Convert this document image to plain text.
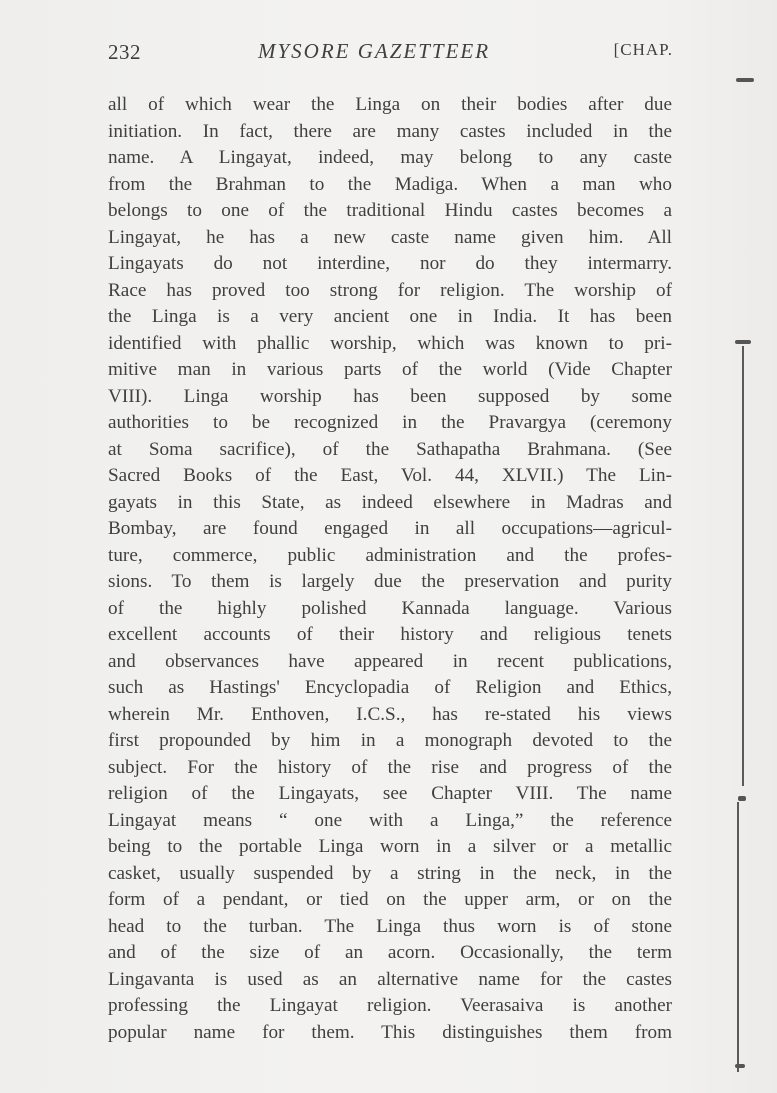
232	MYSORE GAZETTEER	[CHAP.
all of which wear the Linga on their bodies after due
initiation. In fact, there are many castes included in the
name. A Lingayat, indeed, may belong to any caste
from the Brahman to the Madiga. When a man who
belongs to one of the traditional Hindu castes becomes a
Lingayat, he has a new caste name given him. All
Lingayats do not interdine, nor do they intermarry.
Race has proved too strong for religion. The worship of
the Linga is a very ancient one in India. It has been
identified with phallic worship, which was known to pri-
mitive man in various parts of the world (Vide Chapter
VIII). Linga worship has been supposed by some
authorities to be recognized in the Pravargya (ceremony
at Soma sacrifice), of the Sathapatha Brahmana. (See
Sacred Books of the East, Vol. 44, XLVII.) The Lin-
gayats in this State, as indeed elsewhere in Madras and
Bombay, are found engaged in all occupations—agricul-
ture, commerce, public administration and the profes-
sions. To them is largely due the preservation and purity
of the highly polished Kannada language. Various
excellent accounts of their history and religious tenets
and observances have appeared in recent publications,
such as Hastings' Encyclopadia of Religion and Ethics,
wherein Mr. Enthoven, I.C.S., has re-stated his views
first propounded by him in a monograph devoted to the
subject. For the history of the rise and progress of the
religion of the Lingayats, see Chapter VIII. The name
Lingayat means “ one with a Linga,” the reference
being to the portable Linga worn in a silver or a metallic
casket, usually suspended by a string in the neck, in the
form of a pendant, or tied on the upper arm, or on the
head to the turban. The Linga thus worn is of stone
and of the size of an acorn. Occasionally, the term
Lingavanta is used as an alternative name for the castes
professing the Lingayat religion. Veerasaiva is another
popular name for them. This distinguishes them from
